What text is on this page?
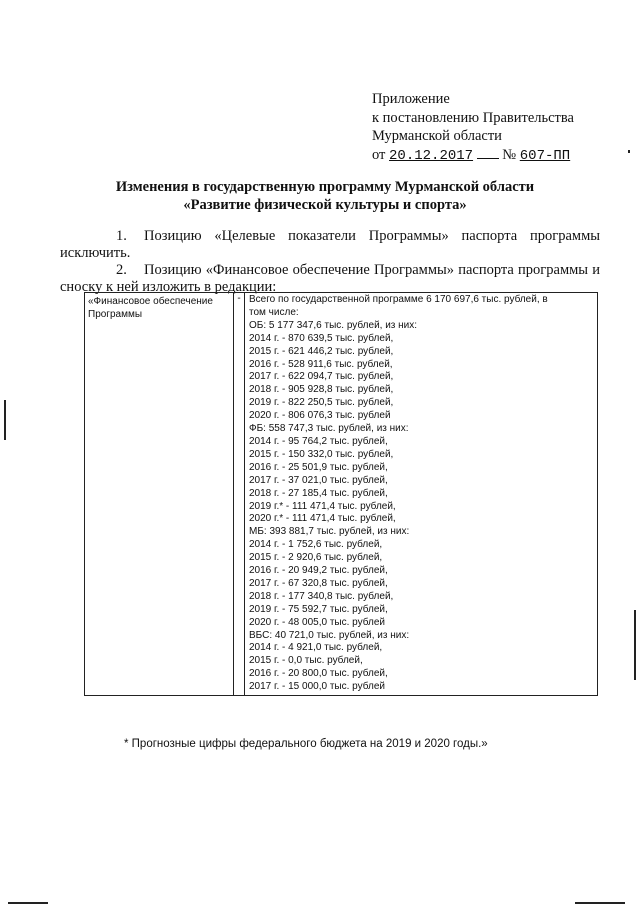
Приложение
к постановлению Правительства
Мурманской области
от 20.12.2017 № 607-ПП
Изменения в государственную программу Мурманской области
«Развитие физической культуры и спорта»
1. Позицию «Целевые показатели Программы» паспорта программы исключить.
2. Позицию «Финансовое обеспечение Программы» паспорта программы и сноску к ней изложить в редакции:
«Финансовое обеспечение Программы	-	Всего по государственной программе 6 170 697,6 тыс. рублей, в
том числе:
ОБ: 5 177 347,6 тыс. рублей, из них:
2014 г. - 870 639,5 тыс. рублей,
2015 г. - 621 446,2 тыс. рублей,
2016 г. - 528 911,6 тыс. рублей,
2017 г. - 622 094,7 тыс. рублей,
2018 г. - 905 928,8 тыс. рублей,
2019 г. - 822 250,5 тыс. рублей,
2020 г. - 806 076,3 тыс. рублей
ФБ: 558 747,3 тыс. рублей, из них:
2014 г. - 95 764,2 тыс. рублей,
2015 г. - 150 332,0 тыс. рублей,
2016 г. - 25 501,9 тыс. рублей,
2017 г. - 37 021,0 тыс. рублей,
2018 г. - 27 185,4 тыс. рублей,
2019 г.* - 111 471,4 тыс. рублей,
2020 г.* - 111 471,4 тыс. рублей,
МБ: 393 881,7 тыс. рублей, из них:
2014 г. - 1 752,6 тыс. рублей,
2015 г. - 2 920,6 тыс. рублей,
2016 г. - 20 949,2 тыс. рублей,
2017 г. - 67 320,8 тыс. рублей,
2018 г. - 177 340,8 тыс. рублей,
2019 г. - 75 592,7 тыс. рублей,
2020 г. - 48 005,0 тыс. рублей
ВБС: 40 721,0 тыс. рублей, из них:
2014 г. - 4 921,0 тыс. рублей,
2015 г. - 0,0 тыс. рублей,
2016 г. - 20 800,0 тыс. рублей,
2017 г. - 15 000,0 тыс. рублей
* Прогнозные цифры федерального бюджета на 2019 и 2020 годы.»
